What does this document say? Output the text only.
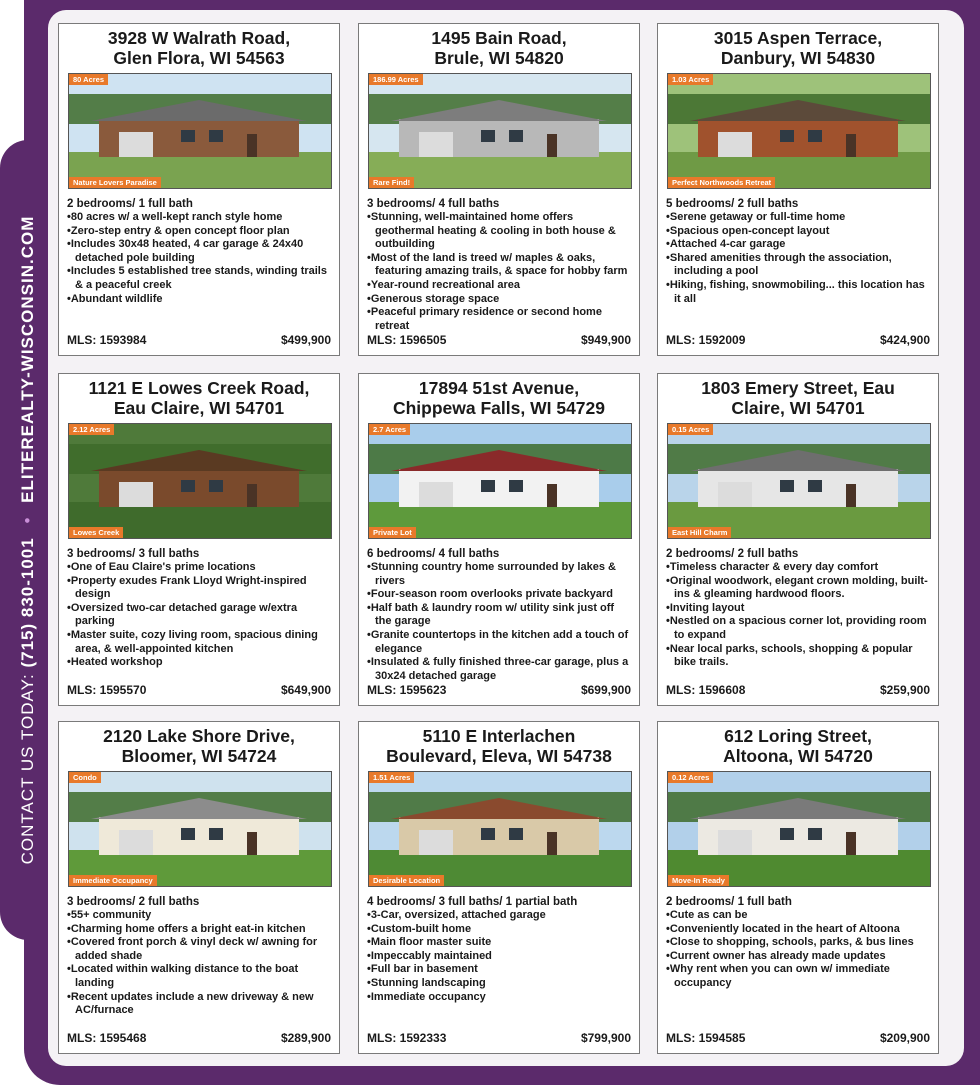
CONTACT US TODAY: (715) 830-1001 • ELITEREALTY-WISCONSIN.COM
3928 W Walrath Road,
Glen Flora, WI 54563
80 Acres
Nature Lovers Paradise
2 bedrooms/ 1 full bath
• 80 acres w/ a well-kept ranch style home
• Zero-step entry & open concept floor plan
• Includes 30x48 heated, 4 car garage & 24x40 detached pole building
• Includes 5 established tree stands, winding trails & a peaceful creek
• Abundant wildlife
MLS: 1593984	$499,900
1495 Bain Road,
Brule, WI 54820
186.99 Acres
Rare Find!
3 bedrooms/ 4 full baths
• Stunning, well-maintained home offers geothermal heating & cooling in both house & outbuilding
• Most of the land is treed w/ maples & oaks, featuring amazing trails, & space for hobby farm
• Year-round recreational area
• Generous storage space
• Peaceful primary residence or second home retreat
MLS: 1596505	$949,900
3015 Aspen Terrace,
Danbury, WI 54830
1.03 Acres
Perfect Northwoods Retreat
5 bedrooms/ 2 full baths
• Serene getaway or full-time home
• Spacious open-concept layout
• Attached 4-car garage
• Shared amenities through the association, including a pool
• Hiking, fishing, snowmobiling... this location has it all
MLS: 1592009	$424,900
1121 E Lowes Creek Road,
Eau Claire, WI 54701
2.12 Acres
Lowes Creek
3 bedrooms/ 3 full baths
• One of Eau Claire's prime locations
• Property exudes Frank Lloyd Wright-inspired design
• Oversized two-car detached garage w/extra parking
• Master suite, cozy living room, spacious dining area, & well-appointed kitchen
• Heated workshop
MLS: 1595570	$649,900
17894 51st Avenue,
Chippewa Falls, WI 54729
2.7 Acres
Private Lot
6 bedrooms/ 4 full baths
• Stunning country home surrounded by lakes & rivers
• Four-season room overlooks private backyard
• Half bath & laundry room w/ utility sink just off the garage
• Granite countertops in the kitchen add a touch of elegance
• Insulated & fully finished three-car garage, plus a 30x24 detached garage
MLS: 1595623	$699,900
1803 Emery Street, Eau
Claire, WI 54701
0.15 Acres
East Hill Charm
2 bedrooms/ 2 full baths
• Timeless character & every day comfort
• Original woodwork, elegant crown molding, built-ins & gleaming hardwood floors.
• Inviting layout
• Nestled on a spacious corner lot, providing room to expand
• Near local parks, schools, shopping & popular bike trails.
MLS: 1596608	$259,900
2120 Lake Shore Drive,
Bloomer, WI 54724
Condo
Immediate Occupancy
3 bedrooms/ 2 full baths
• 55+ community
• Charming home offers a bright eat-in kitchen
• Covered front porch & vinyl deck w/ awning for added shade
• Located within walking distance to the boat landing
• Recent updates include a new driveway & new AC/furnace
MLS: 1595468	$289,900
5110 E Interlachen
Boulevard, Eleva, WI 54738
1.51 Acres
Desirable Location
4 bedrooms/ 3 full baths/ 1 partial bath
• 3-Car, oversized, attached garage
• Custom-built home
• Main floor master suite
• Impeccably maintained
• Full bar in basement
• Stunning landscaping
• Immediate occupancy
MLS: 1592333	$799,900
612 Loring Street,
Altoona, WI 54720
0.12 Acres
Move-In Ready
2 bedrooms/ 1 full bath
• Cute as can be
• Conveniently located in the heart of Altoona
• Close to shopping, schools, parks, & bus lines
• Current owner has already made updates
• Why rent when you can own w/ immediate occupancy
MLS: 1594585	$209,900
